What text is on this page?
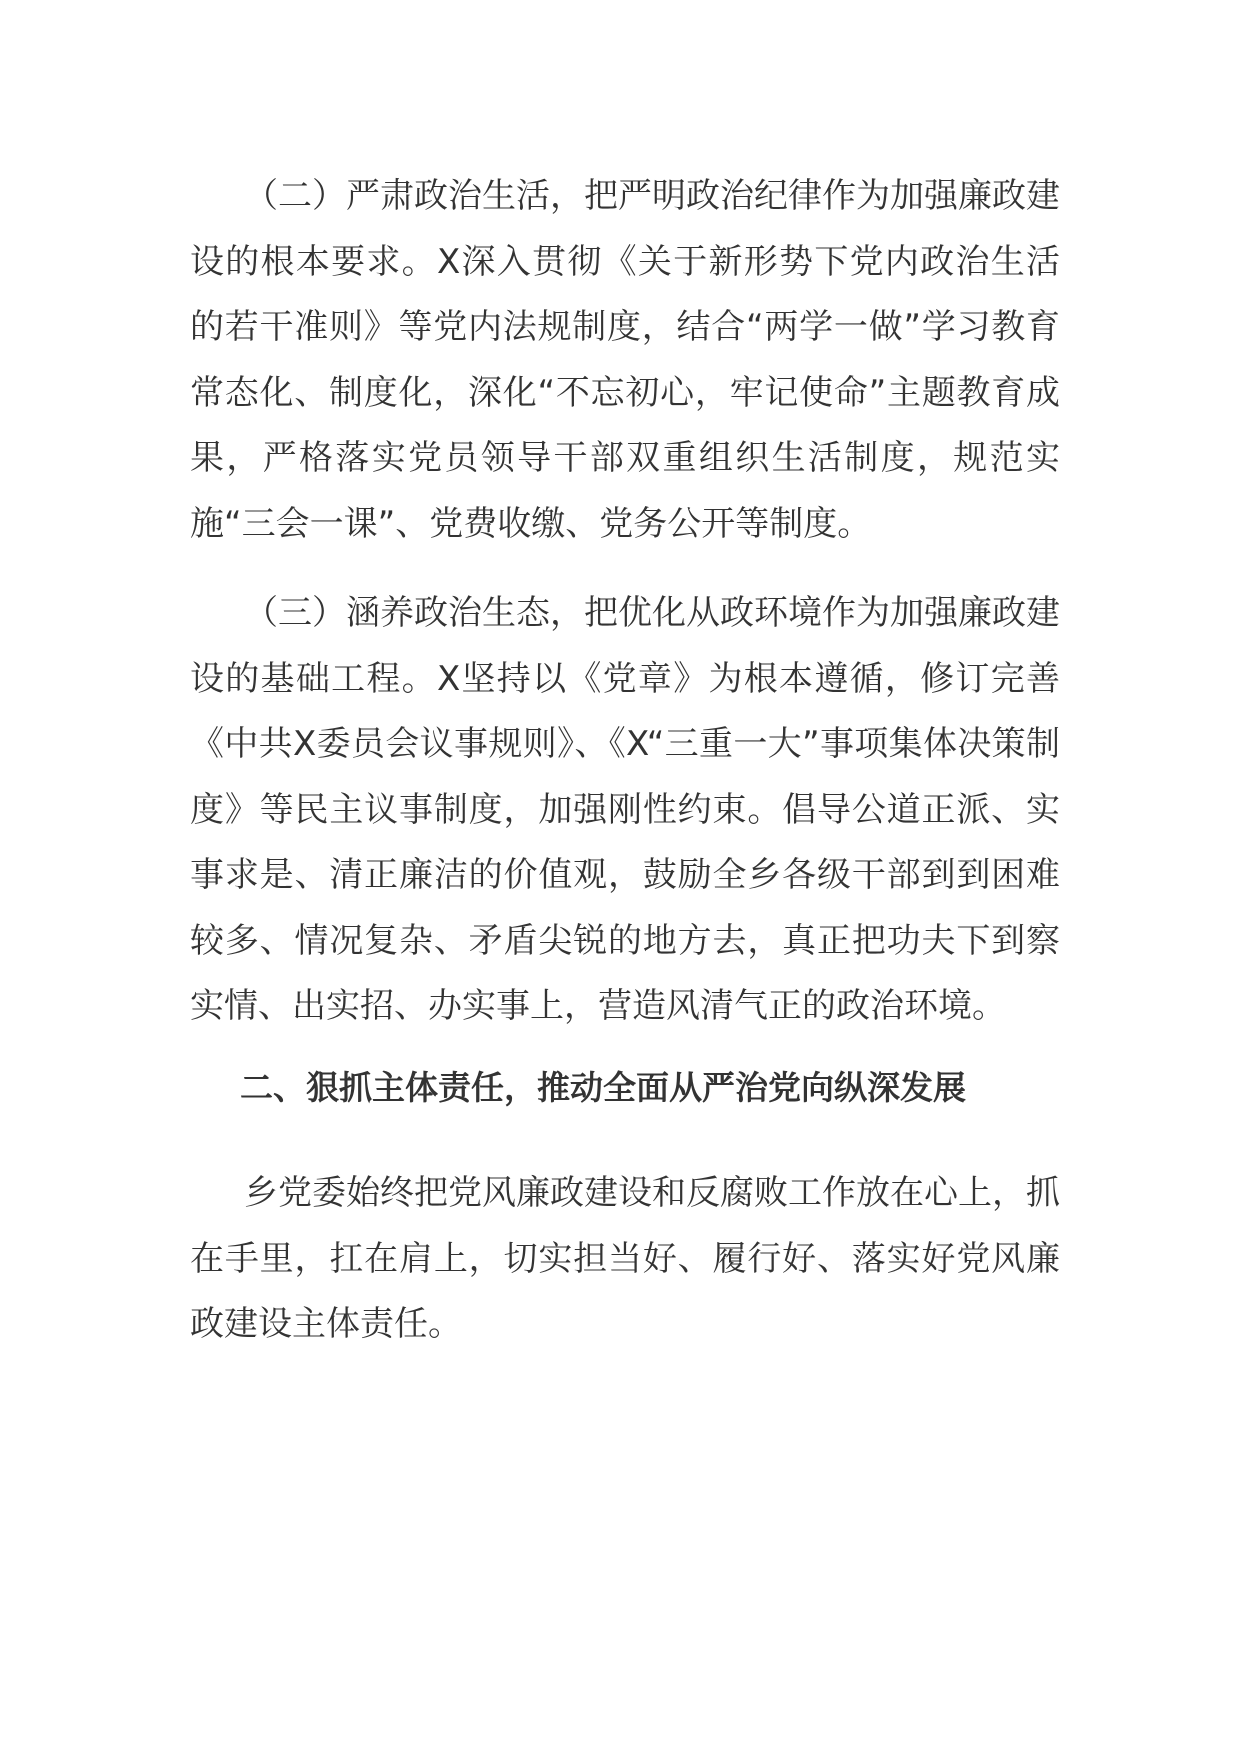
（二）严肃政治生活，把严明政治纪律作为加强廉政建设的根本要求。X深入贯彻《关于新形势下党内政治生活的若干准则》等党内法规制度，结合“两学一做”学习教育常态化、制度化，深化“不忘初心，牢记使命”主题教育成果，严格落实党员领导干部双重组织生活制度，规范实施“三会一课”、党费收缴、党务公开等制度。

（三）涵养政治生态，把优化从政环境作为加强廉政建设的基础工程。X坚持以《党章》为根本遵循，修订完善《中共X委员会议事规则》、《X“三重一大”事项集体决策制度》等民主议事制度，加强刚性约束。倡导公道正派、实事求是、清正廉洁的价值观，鼓励全乡各级干部到到困难较多、情况复杂、矛盾尖锐的地方去，真正把功夫下到察实情、出实招、办实事上，营造风清气正的政治环境。

二、狠抓主体责任，推动全面从严治党向纵深发展

乡党委始终把党风廉政建设和反腐败工作放在心上，抓在手里，扛在肩上，切实担当好、履行好、落实好党风廉政建设主体责任。
